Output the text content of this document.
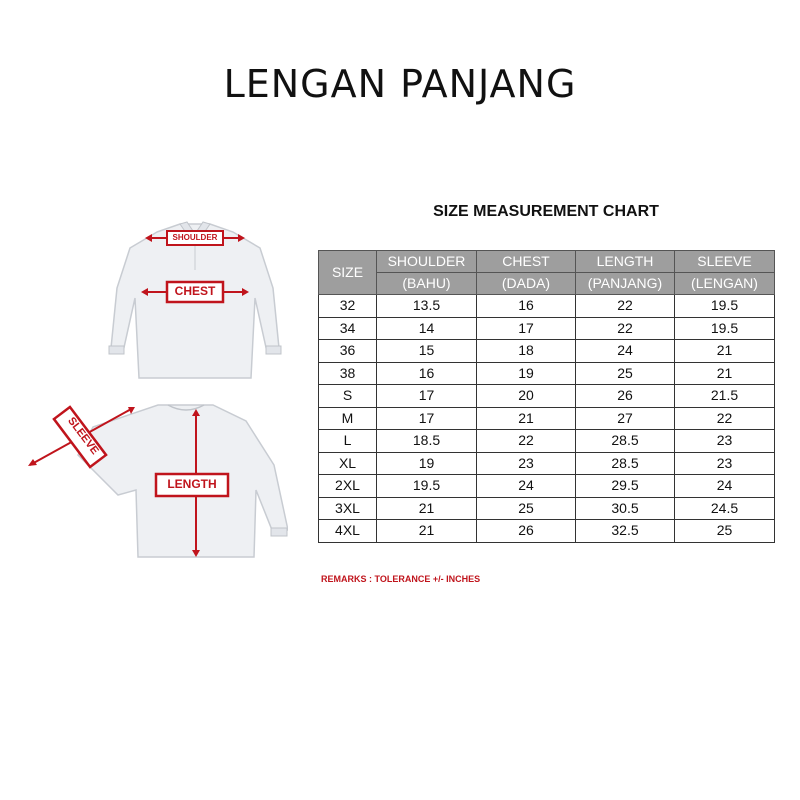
LENGAN PANJANG
SHOULDER
CHEST
SLEEVE
LENGTH
SIZE MEASUREMENT CHART
SIZE	SHOULDER	CHEST	LENGTH	SLEEVE
	(BAHU)	(DADA)	(PANJANG)	(LENGAN)
32	13.5	16	22	19.5
34	14	17	22	19.5
36	15	18	24	21
38	16	19	25	21
S	17	20	26	21.5
M	17	21	27	22
L	18.5	22	28.5	23
XL	19	23	28.5	23
2XL	19.5	24	29.5	24
3XL	21	25	30.5	24.5
4XL	21	26	32.5	25
REMARKS : TOLERANCE +/- INCHES
